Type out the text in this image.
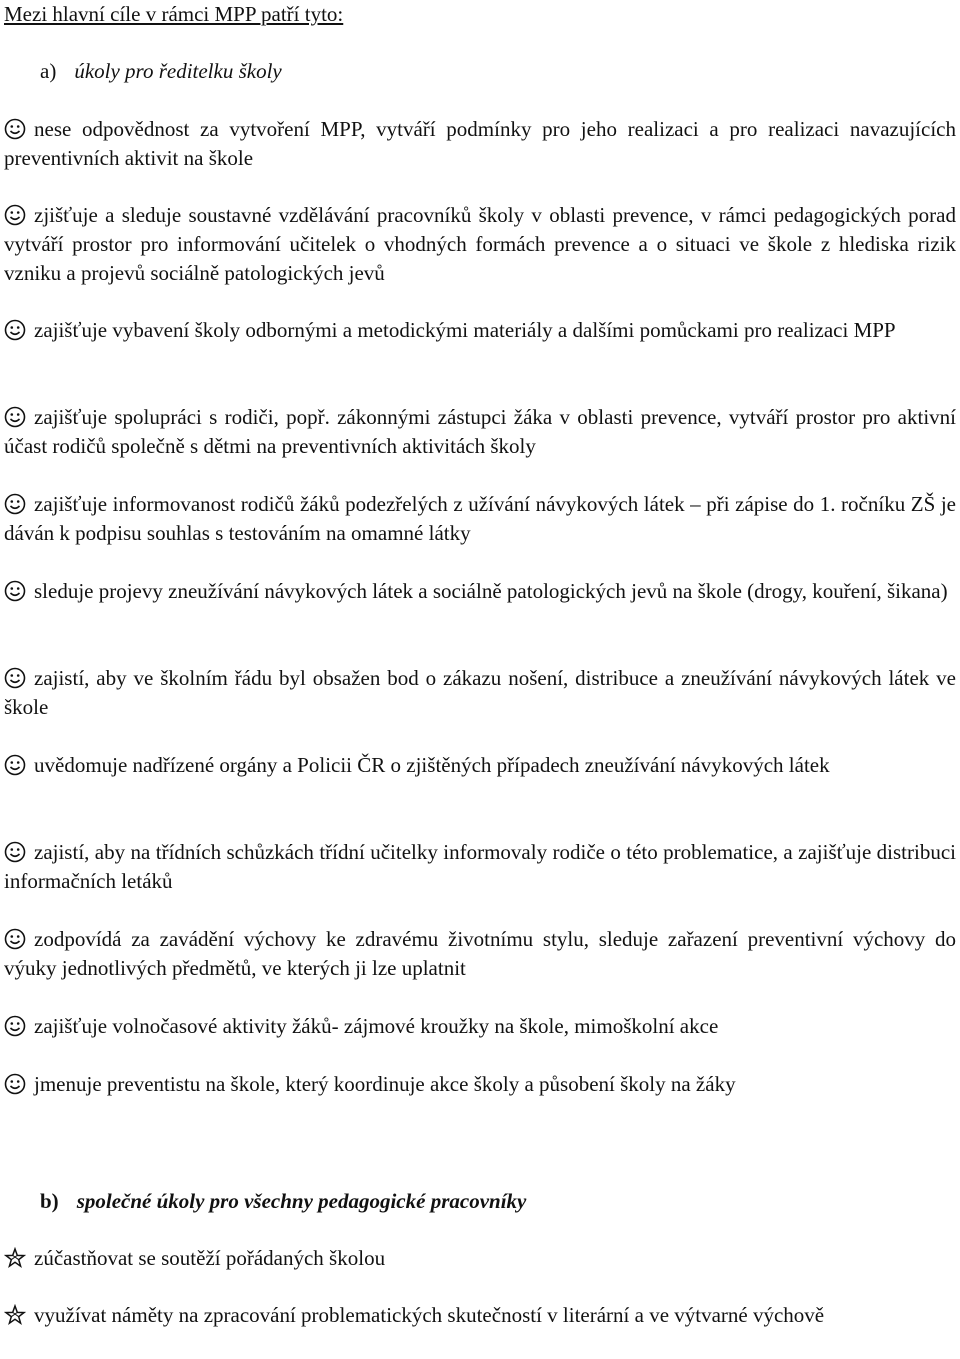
Mezi hlavní cíle v rámci MPP patří tyto:
a) úkoly pro ředitelku školy
nese odpovědnost za vytvoření MPP, vytváří podmínky pro jeho realizaci a pro realizaci navazujících preventivních aktivit na škole
zjišťuje a sleduje soustavné vzdělávání pracovníků školy v oblasti prevence, v rámci pedagogických porad vytváří prostor pro informování učitelek o vhodných formách prevence a o situaci ve škole z hlediska rizik vzniku a projevů sociálně patologických jevů
zajišťuje vybavení školy odbornými a metodickými materiály a dalšími pomůckami pro realizaci MPP
zajišťuje spolupráci s rodiči, popř. zákonnými zástupci žáka v oblasti prevence, vytváří prostor pro aktivní účast rodičů společně s dětmi na preventivních aktivitách školy
zajišťuje informovanost rodičů žáků podezřelých z užívání návykových látek – při zápise do 1. ročníku ZŠ je dáván k podpisu souhlas s testováním na omamné látky
sleduje projevy zneužívání návykových látek a sociálně patologických jevů na škole (drogy, kouření, šikana)
zajistí, aby ve školním řádu byl obsažen bod o zákazu nošení, distribuce a zneužívání návykových látek ve škole
uvědomuje nadřízené orgány a Policii ČR o zjištěných případech zneužívání návykových látek
zajistí, aby na třídních schůzkách třídní učitelky informovaly rodiče o této problematice, a zajišťuje distribuci informačních letáků
zodpovídá za zavádění výchovy ke zdravému životnímu stylu, sleduje zařazení preventivní výchovy do výuky jednotlivých předmětů, ve kterých ji lze uplatnit
zajišťuje volnočasové aktivity žáků- zájmové kroužky na škole, mimoškolní akce
jmenuje preventistu na škole, který koordinuje akce školy a působení školy na žáky
b) společné úkoly pro všechny pedagogické pracovníky
zúčastňovat se soutěží pořádaných školou
využívat náměty na zpracování problematických skutečností v literární a ve výtvarné výchově
